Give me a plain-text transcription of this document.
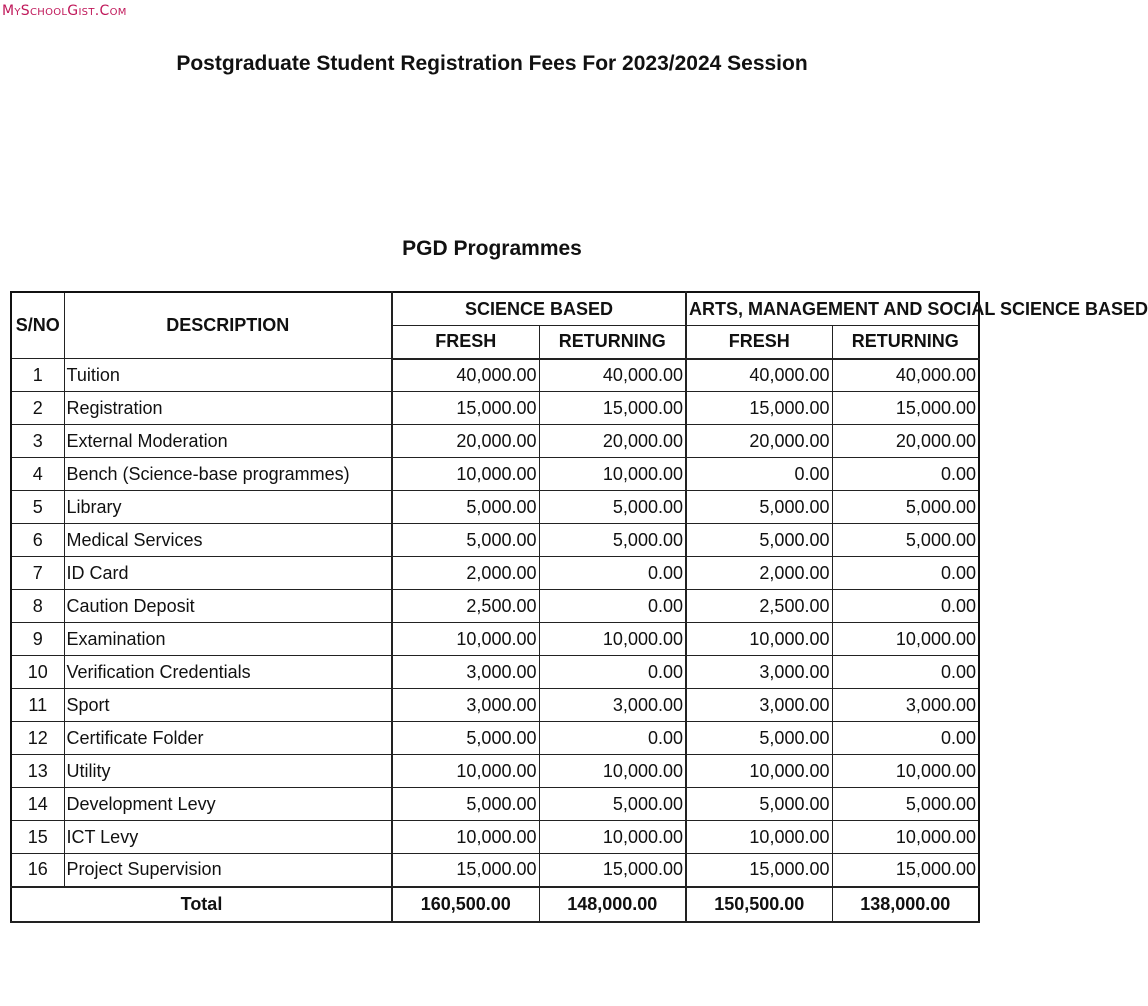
MySchoolGist.Com
Postgraduate Student Registration Fees For 2023/2024 Session
PGD Programmes
S/NO	DESCRIPTION	SCIENCE BASED		ARTS, MANAGEMENT AND SOCIAL SCIENCE BASED	
		FRESH	RETURNING	FRESH	RETURNING
1	Tuition	40,000.00	40,000.00	40,000.00	40,000.00
2	Registration	15,000.00	15,000.00	15,000.00	15,000.00
3	External Moderation	20,000.00	20,000.00	20,000.00	20,000.00
4	Bench (Science-base programmes)	10,000.00	10,000.00	0.00	0.00
5	Library	5,000.00	5,000.00	5,000.00	5,000.00
6	Medical Services	5,000.00	5,000.00	5,000.00	5,000.00
7	ID Card	2,000.00	0.00	2,000.00	0.00
8	Caution Deposit	2,500.00	0.00	2,500.00	0.00
9	Examination	10,000.00	10,000.00	10,000.00	10,000.00
10	Verification Credentials	3,000.00	0.00	3,000.00	0.00
11	Sport	3,000.00	3,000.00	3,000.00	3,000.00
12	Certificate Folder	5,000.00	0.00	5,000.00	0.00
13	Utility	10,000.00	10,000.00	10,000.00	10,000.00
14	Development Levy	5,000.00	5,000.00	5,000.00	5,000.00
15	ICT Levy	10,000.00	10,000.00	10,000.00	10,000.00
16	Project Supervision	15,000.00	15,000.00	15,000.00	15,000.00
Total		160,500.00	148,000.00	150,500.00	138,000.00
